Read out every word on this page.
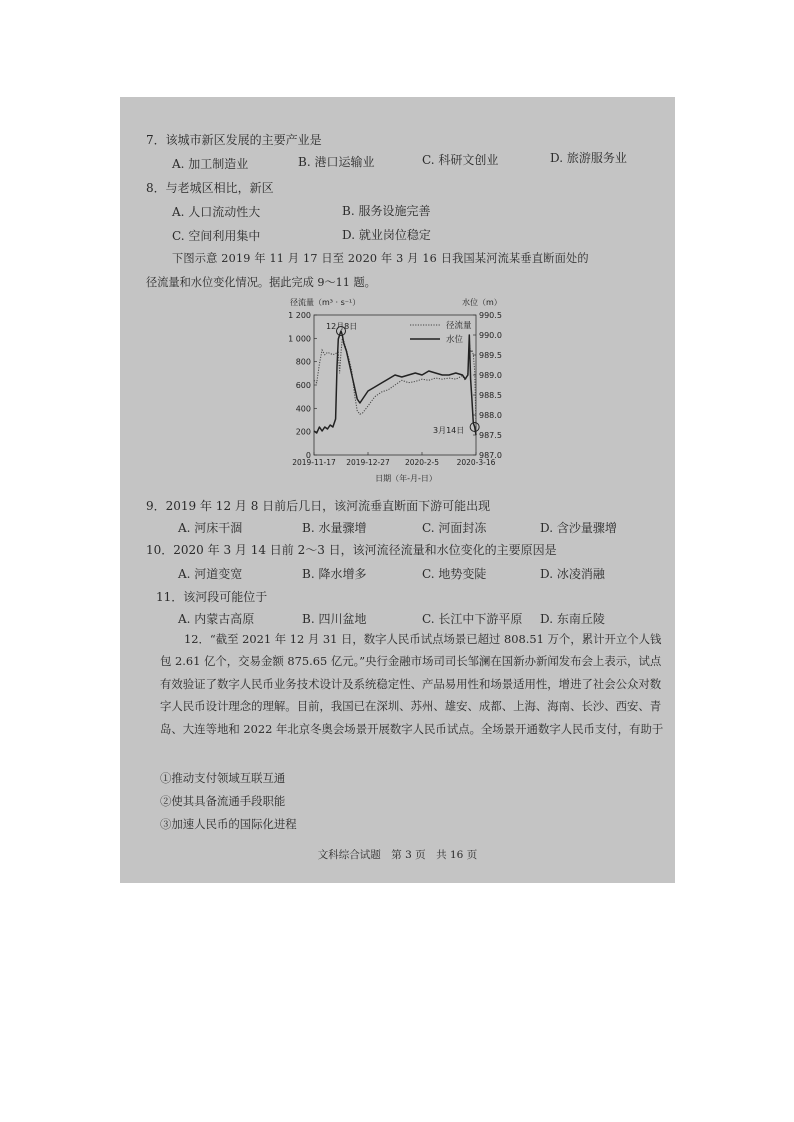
7．该城市新区发展的主要产业是
A. 加工制造业	B. 港口运输业	C. 科研文创业	D. 旅游服务业
8．与老城区相比，新区
A. 人口流动性大	B. 服务设施完善
C. 空间利用集中	D. 就业岗位稳定
下图示意 2019 年 11 月 17 日至 2020 年 3 月 16 日我国某河流某垂直断面处的
径流量和水位变化情况。据此完成 9～11 题。
径流量（m³ · s⁻¹）	水位（m）
1 200
1 000
800
600
400
200
0
990.5
990.0
989.5
989.0
988.5
988.0
987.5
987.0
2019-11-17 2019-12-27 2020-2-5 2020-3-16
径流量
水位
12月8日
3月14日
日期（年-月-日）
9．2019 年 12 月 8 日前后几日，该河流垂直断面下游可能出现
A. 河床干涸	B. 水量骤增	C. 河面封冻	D. 含沙量骤增
10．2020 年 3 月 14 日前 2～3 日，该河流径流量和水位变化的主要原因是
A. 河道变宽	B. 降水增多	C. 地势变陡	D. 冰凌消融
11．该河段可能位于
A. 内蒙古高原	B. 四川盆地	C. 长江中下游平原 D. 东南丘陵
12．“截至 2021 年 12 月 31 日，数字人民币试点场景已超过 808.51 万个，累计开立个人钱包 2.61 亿个，交易金额 875.65 亿元。”央行金融市场司司长邹澜在国新办新闻发布会上表示，试点有效验证了数字人民币业务技术设计及系统稳定性、产品易用性和场景适用性，增进了社会公众对数字人民币设计理念的理解。目前，我国已在深圳、苏州、雄安、成都、上海、海南、长沙、西安、青岛、大连等地和 2022 年北京冬奥会场景开展数字人民币试点。全场景开通数字人民币支付，有助于
①推动支付领域互联互通
②使其具备流通手段职能
③加速人民币的国际化进程
文科综合试题　第 3 页　共 16 页
